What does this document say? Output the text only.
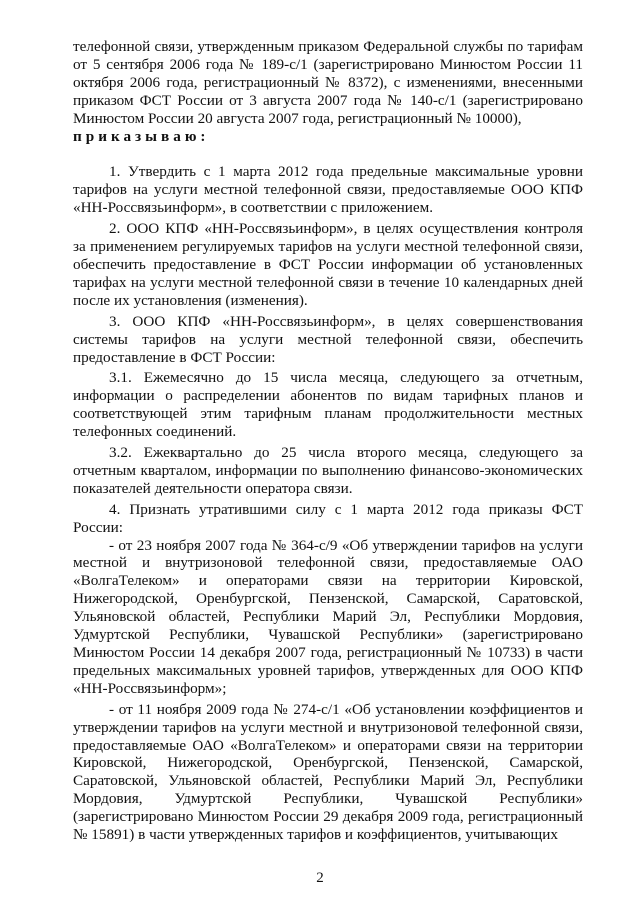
телефонной связи, утвержденным приказом Федеральной службы по тарифам от 5 сентября 2006 года № 189-с/1 (зарегистрировано Минюстом России 11 октября 2006 года, регистрационный № 8372), с изменениями, внесенными приказом ФСТ России от 3 августа 2007 года № 140-с/1 (зарегистрировано Минюстом России 20 августа 2007 года, регистрационный № 10000),

приказываю:

1. Утвердить с 1 марта 2012 года предельные максимальные уровни тарифов на услуги местной телефонной связи, предоставляемые ООО КПФ «НН-Россвязьинформ», в соответствии с приложением.

2. ООО КПФ «НН-Россвязьинформ», в целях осуществления контроля за применением регулируемых тарифов на услуги местной телефонной связи, обеспечить предоставление в ФСТ России информации об установленных тарифах на услуги местной телефонной связи в течение 10 календарных дней после их установления (изменения).

3. ООО КПФ «НН-Россвязьинформ», в целях совершенствования системы тарифов на услуги местной телефонной связи, обеспечить предоставление в ФСТ России:

3.1. Ежемесячно до 15 числа месяца, следующего за отчетным, информации о распределении абонентов по видам тарифных планов и соответствующей этим тарифным планам продолжительности местных телефонных соединений.

3.2. Ежеквартально до 25 числа второго месяца, следующего за отчетным кварталом, информации по выполнению финансово-экономических показателей деятельности оператора связи.

4. Признать утратившими силу с 1 марта 2012 года приказы ФСТ России:

- от 23 ноября 2007 года № 364-с/9 «Об утверждении тарифов на услуги местной и внутризоновой телефонной связи, предоставляемые ОАО «ВолгаТелеком» и операторами связи на территории Кировской, Нижегородской, Оренбургской, Пензенской, Самарской, Саратовской, Ульяновской областей, Республики Марий Эл, Республики Мордовия, Удмуртской Республики, Чувашской Республики» (зарегистрировано Минюстом России 14 декабря 2007 года, регистрационный № 10733) в части предельных максимальных уровней тарифов, утвержденных для ООО КПФ «НН-Россвязьинформ»;

- от 11 ноября 2009 года № 274-с/1 «Об установлении коэффициентов и утверждении тарифов на услуги местной и внутризоновой телефонной связи, предоставляемые ОАО «ВолгаТелеком» и операторами связи на территории Кировской, Нижегородской, Оренбургской, Пензенской, Самарской, Саратовской, Ульяновской областей, Республики Марий Эл, Республики Мордовия, Удмуртской Республики, Чувашской Республики» (зарегистрировано Минюстом России 29 декабря 2009 года, регистрационный № 15891) в части утвержденных тарифов и коэффициентов, учитывающих

2
